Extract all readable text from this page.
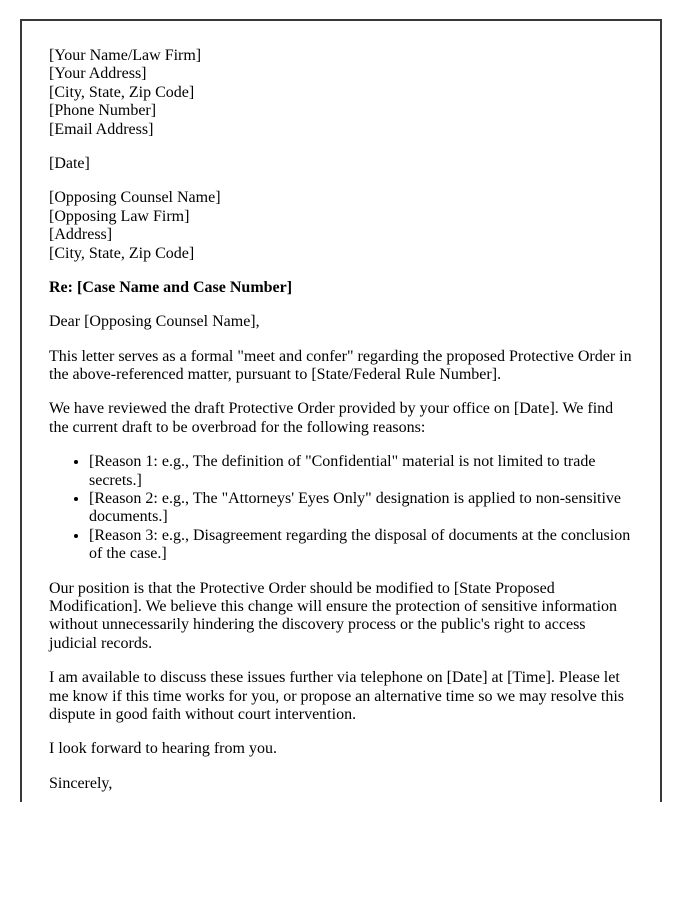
[Your Name/Law Firm]
[Your Address]
[City, State, Zip Code]
[Phone Number]
[Email Address]
[Date]
[Opposing Counsel Name]
[Opposing Law Firm]
[Address]
[City, State, Zip Code]
Re: [Case Name and Case Number]
Dear [Opposing Counsel Name],
This letter serves as a formal "meet and confer" regarding the proposed Protective Order in the above-referenced matter, pursuant to [State/Federal Rule Number].
We have reviewed the draft Protective Order provided by your office on [Date]. We find the current draft to be overbroad for the following reasons:
• [Reason 1: e.g., The definition of "Confidential" material is not limited to trade secrets.]
• [Reason 2: e.g., The "Attorneys' Eyes Only" designation is applied to non-sensitive documents.]
• [Reason 3: e.g., Disagreement regarding the disposal of documents at the conclusion of the case.]
Our position is that the Protective Order should be modified to [State Proposed Modification]. We believe this change will ensure the protection of sensitive information without unnecessarily hindering the discovery process or the public's right to access judicial records.
I am available to discuss these issues further via telephone on [Date] at [Time]. Please let me know if this time works for you, or propose an alternative time so we may resolve this dispute in good faith without court intervention.
I look forward to hearing from you.
Sincerely,
